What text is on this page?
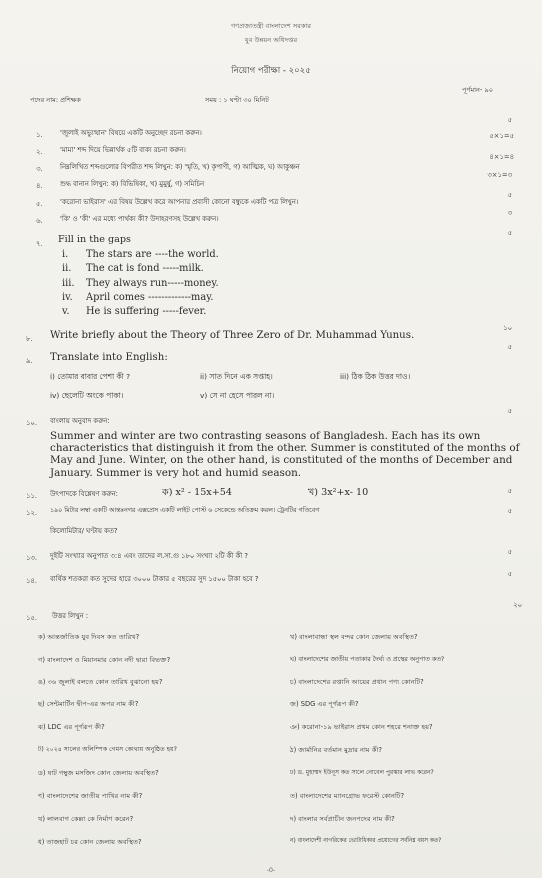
গণপ্রজাতন্ত্রী বাংলাদেশ সরকার
যুব উন্নয়ন অধিদপ্তর
নিয়োগ পরীক্ষা - ২০২৫
পদের নাম: প্রশিক্ষক	সময় : ১ ঘণ্টা ৩০ মিনিট
পূর্ণমান- ৯০
১.	'জুলাই অভ্যুত্থান' বিষয়ে একটি অনুচ্ছেদ রচনা করুন।
৫
২.	'মামা' শব্দ দিয়ে ভিন্নার্থক ৫টি বাক্য রচনা করুন।
৫×১=৫
৩.	নিম্নলিখিত শব্দগুলোর বিপরীত শব্দ লিখুন: ক) স্মৃতি, খ) কৃপাণী, গ) আত্মিক, ঘ) আকুঞ্চন
৪×১=৪
৪.	শুদ্ধ বানান লিখুন: ক) বিভিষিকা, খ) মুমুর্ষু, গ) সমিচিন
৩×১=৩
৫.	'করোনা ভাইরাস' এর বিষয় উল্লেখ করে আপনার প্রবাসী কোনো বন্ধুকে একটি পত্র লিখুন।
৫
৬.	'কি' ও 'কী' এর মধ্যে পার্থক্য কী? উদাহরণসহ উল্লেখ করুন।
৩
৭. Fill in the gaps
৫
i. The stars are ----the world.
ii. The cat is fond -----milk.
iii. They always run-----money.
iv. April comes -------------may.
v. He is suffering -----fever.
৮. Write briefly about the Theory of Three Zero of Dr. Muhammad Yunus.
১০
৯. Translate into English:
৫
i) তোমার বাবার পেশা কী ?	ii) সাত দিনে এক সপ্তাহ।	iii) ঠিক ঠিক উত্তর দাও।
iv) ছেলেটি অংকে পাকা।	v) সে না হেসে পারল না।
১০. বাংলায় অনুবাদ করুন:
৫
Summer and winter are two contrasting seasons of Bangladesh. Each has its own characteristics that distinguish it from the other. Summer is constituted of the months of May and June. Winter, on the other hand, is constituted of the months of December and January. Summer is very hot and humid season.
১১. উৎপাদকে বিশ্লেষণ করুন:	ক) x² - 15x+54	খ) 3x²+x- 10	৫
১২. ১৯০ মিটার লম্বা একটি আন্তঃনগর এক্সপ্রেস একটি লাইট পোস্ট ৬ সেকেন্ডে অতিক্রম করল। ট্রেনটির গতিবেগ
কিলোমিটার/ ঘণ্টায় কত?
৫
১৩. দুইটি সংখ্যার অনুপাত ৩:৪ এবং তাদের ল.সা.গু ১৮০ সংখ্যা ২টি কী কী ?	৫
১৪. বার্ষিক শতকরা কত সুদের হারে ৩০০০ টাকার ৫ বছরের সুদ ১৫০০ টাকা হবে ?
৫
১৫. উত্তর লিখুন :
২০
ক) আন্তর্জাতিক যুব দিবস কত তারিখ?	খ) বাংলাবান্ধা স্থল বন্দর কোন জেলায় অবস্থিত?
গ) বাংলাদেশ ও মিয়ানমার কোন নদী দ্বারা বিভক্ত?	ঘ) বাংলাদেশের জাতীয় পতাকার দৈর্ঘ্য ও প্রস্থের অনুপাত কত?
ঙ) ৩৬ জুলাই বলতে কোন তারিখ বুঝানো হয়?	চ) বাংলাদেশের রপ্তানি আয়ের প্রধান পণ্য কোনটি?
ছ) সেন্টমার্টিন দ্বীপ-এর অপর নাম কী?	জ) SDG এর পূর্ণরূপ কী?
ঝ) LDC এর পূর্ণরূপ কী?	ঞ) করোনা-১৯ ভাইরাস প্রথম কোন শহরে শনাক্ত হয়?
ট) ২০২৪ সালের অলিম্পিক গেমস কোথায় অনুষ্ঠিত হয়?	ঠ) জার্মানির বর্তমান মুদ্রার নাম কী?
ড) ষাট গম্বুজ মসজিদ কোন জেলায় অবস্থিত?	ঢ) ড. মুহাম্মদ ইউনূস কত সালে নোবেল পুরস্কার লাভ করেন?
ণ) বাংলাদেশের জাতীয় পাখির নাম কী?	ত) বাংলাদেশের ম্যানগ্রোভ ফরেস্ট কোনটি?
থ) লালবাগ কেল্লা কে নির্মাণ করেন?	দ) বাংলার সর্বপ্রাচীন জনপদের নাম কী?
ধ) তাজহাট চর কোন জেলায় অবস্থিত?	ন) বাংলাদেশী নাগরিকের ভোটাধিকার প্রয়োগের সর্বনিম্ন বয়স কত?
-0-
